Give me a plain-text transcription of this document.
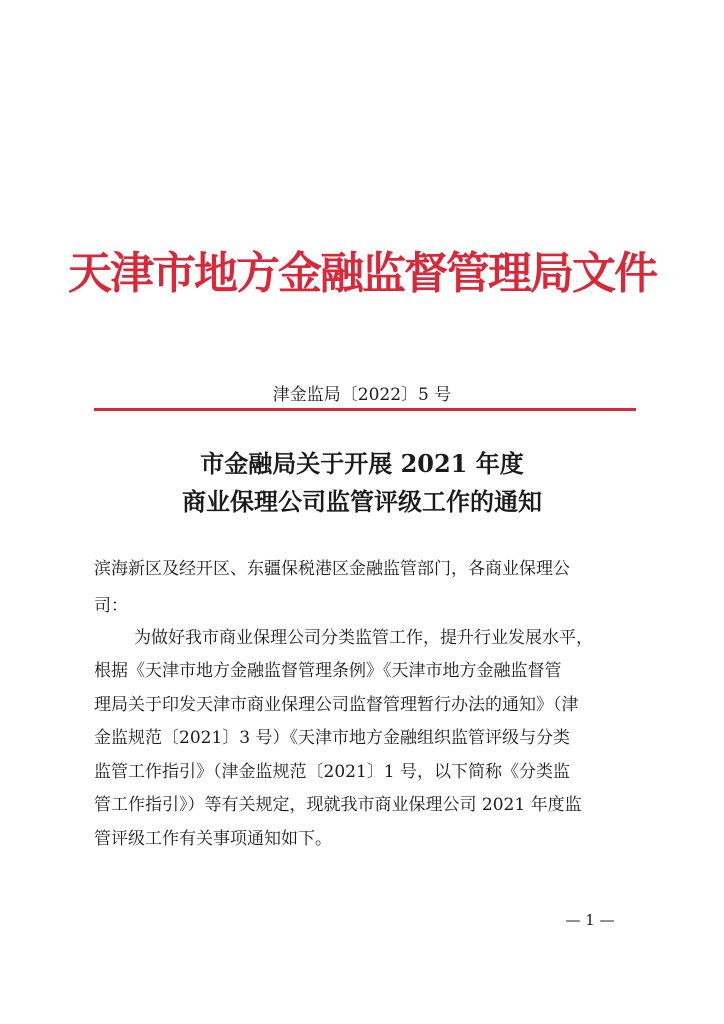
天津市地方金融监督管理局文件
津金监局〔2022〕5 号
市金融局关于开展 2021 年度
商业保理公司监管评级工作的通知
滨海新区及经开区、东疆保税港区金融监管部门，各商业保理公
司：
为做好我市商业保理公司分类监管工作，提升行业发展水平，
根据《天津市地方金融监督管理条例》《天津市地方金融监督管
理局关于印发天津市商业保理公司监督管理暂行办法的通知》（津
金监规范〔2021〕3 号）《天津市地方金融组织监管评级与分类
监管工作指引》（津金监规范〔2021〕1 号，以下简称《分类监
管工作指引》）等有关规定，现就我市商业保理公司 2021 年度监
管评级工作有关事项通知如下。
— 1 —
